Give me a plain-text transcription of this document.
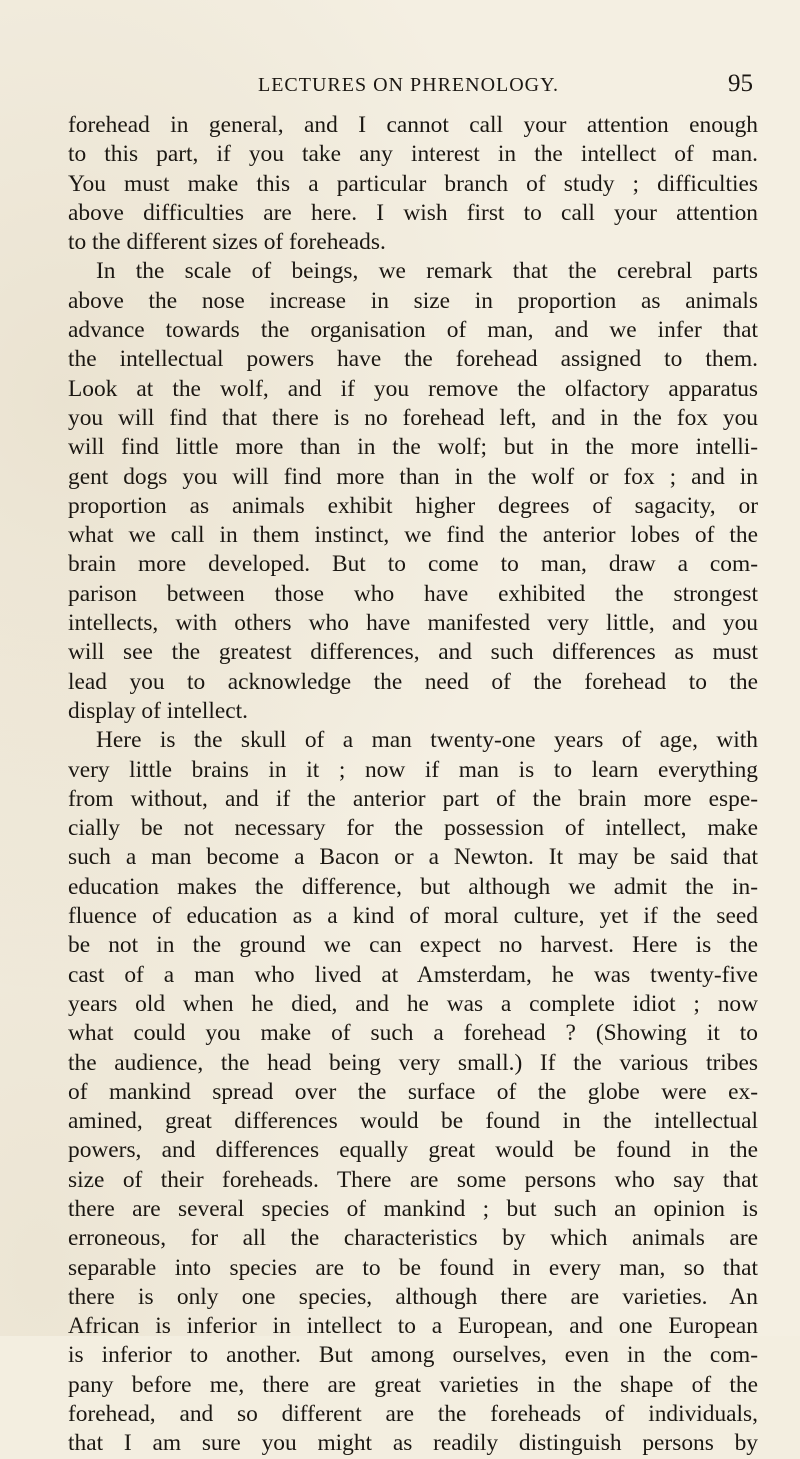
LECTURES ON PHRENOLOGY.	95
forehead in general, and I cannot call your attention enough
to this part, if you take any interest in the intellect of man.
You must make this a particular branch of study ; difficulties
above difficulties are here. I wish first to call your attention
to the different sizes of foreheads.
In the scale of beings, we remark that the cerebral parts
above the nose increase in size in proportion as animals
advance towards the organisation of man, and we infer that
the intellectual powers have the forehead assigned to them.
Look at the wolf, and if you remove the olfactory apparatus
you will find that there is no forehead left, and in the fox you
will find little more than in the wolf; but in the more intelli-
gent dogs you will find more than in the wolf or fox ; and in
proportion as animals exhibit higher degrees of sagacity, or
what we call in them instinct, we find the anterior lobes of the
brain more developed. But to come to man, draw a com-
parison between those who have exhibited the strongest
intellects, with others who have manifested very little, and you
will see the greatest differences, and such differences as must
lead you to acknowledge the need of the forehead to the
display of intellect.
Here is the skull of a man twenty-one years of age, with
very little brains in it ; now if man is to learn everything
from without, and if the anterior part of the brain more espe-
cially be not necessary for the possession of intellect, make
such a man become a Bacon or a Newton. It may be said that
education makes the difference, but although we admit the in-
fluence of education as a kind of moral culture, yet if the seed
be not in the ground we can expect no harvest. Here is the
cast of a man who lived at Amsterdam, he was twenty-five
years old when he died, and he was a complete idiot ; now
what could you make of such a forehead ? (Showing it to
the audience, the head being very small.) If the various tribes
of mankind spread over the surface of the globe were ex-
amined, great differences would be found in the intellectual
powers, and differences equally great would be found in the
size of their foreheads. There are some persons who say that
there are several species of mankind ; but such an opinion is
erroneous, for all the characteristics by which animals are
separable into species are to be found in every man, so that
there is only one species, although there are varieties. An
African is inferior in intellect to a European, and one European
is inferior to another. But among ourselves, even in the com-
pany before me, there are great varieties in the shape of the
forehead, and so different are the foreheads of individuals,
that I am sure you might as readily distinguish persons by
